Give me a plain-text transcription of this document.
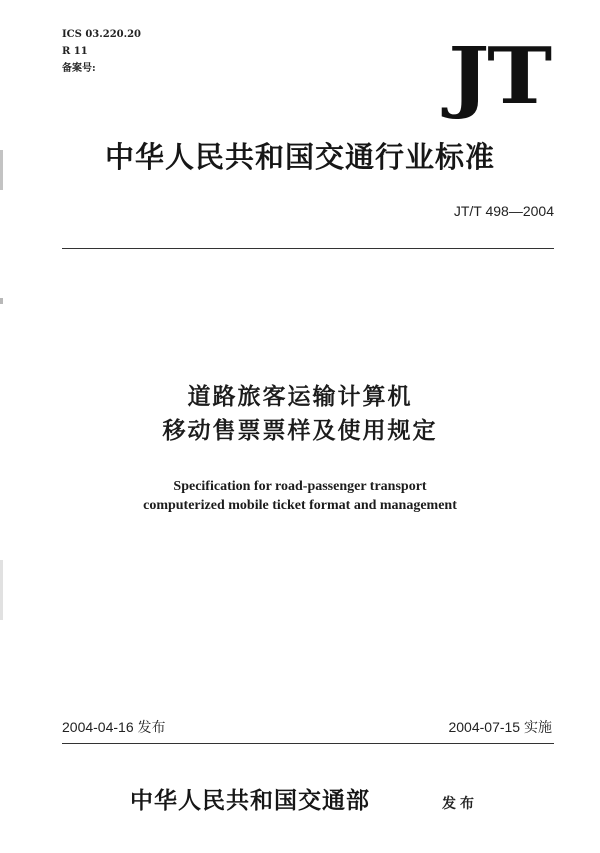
ICS 03.220.20
R 11
备案号:	JT
中华人民共和国交通行业标准
JT/T 498—2004
道路旅客运输计算机
移动售票票样及使用规定
Specification for road-passenger transport
computerized mobile ticket format and management
2004-04-16 发布	2004-07-15 实施
中华人民共和国交通部	发布
